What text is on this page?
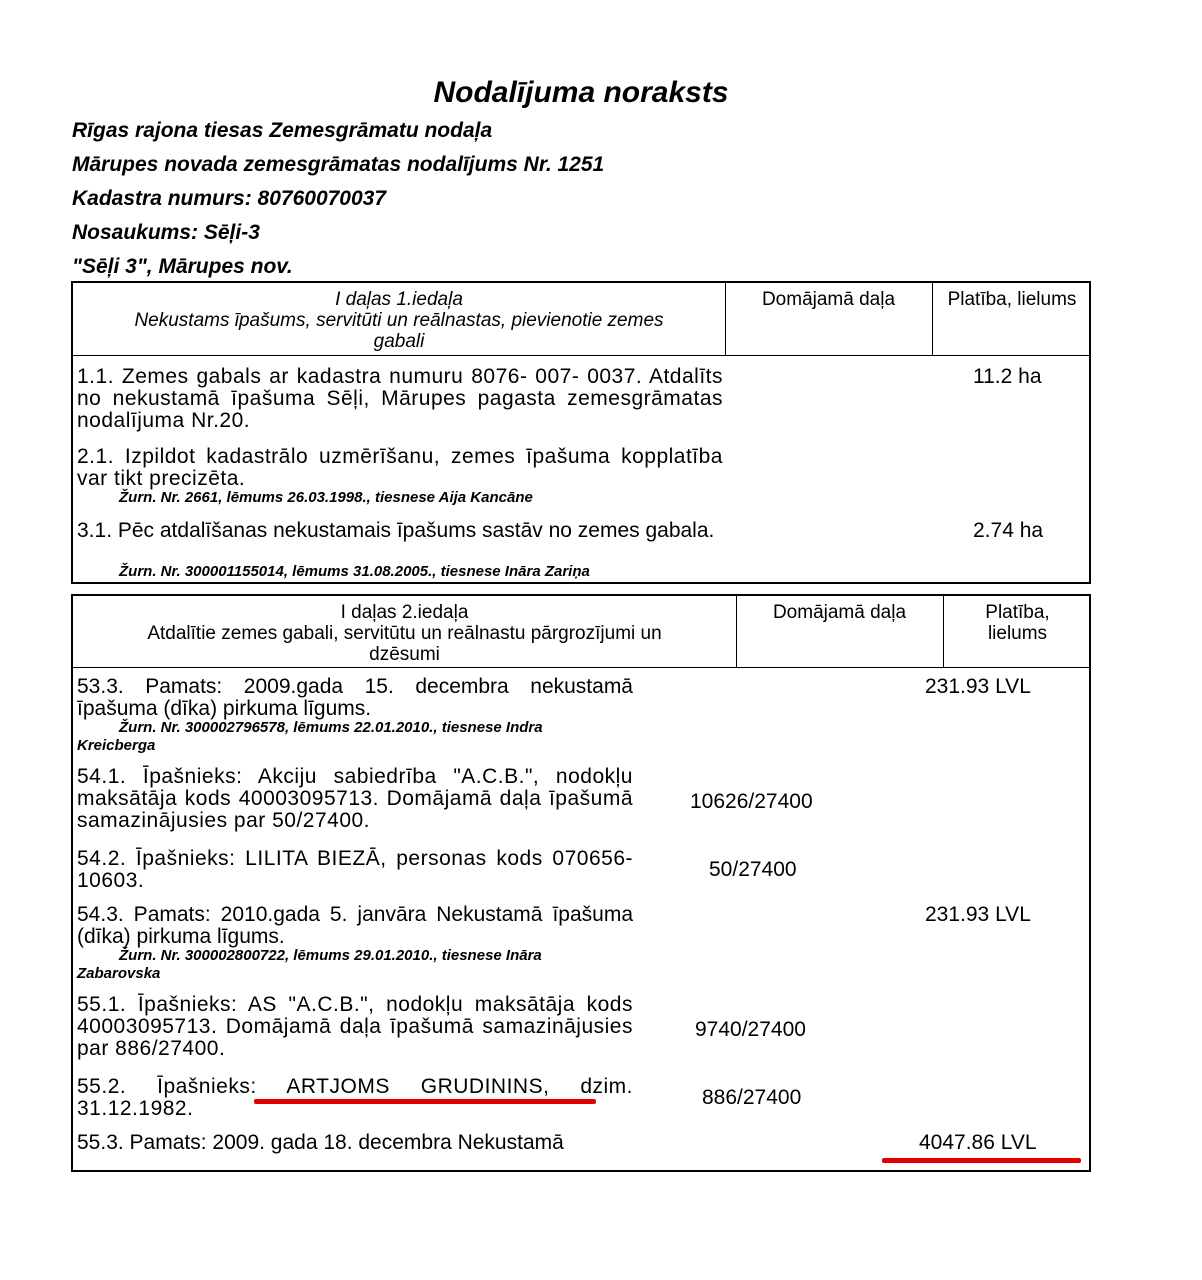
Nodalījuma noraksts
Rīgas rajona tiesas Zemesgrāmatu nodaļa
Mārupes novada zemesgrāmatas nodalījums Nr. 1251
Kadastra numurs: 80760070037
Nosaukums: Sēļi-3
"Sēļi 3", Mārupes nov.
I daļas 1.iedaļa
Nekustams īpašums, servitūti un reālnastas, pievienotie zemes
gabali
Domājamā daļa	Platība, lielums
1.1. Zemes gabals ar kadastra numuru 8076- 007- 0037. Atdalīts no nekustamā īpašuma Sēļi, Mārupes pagasta zemesgrāmatas nodalījuma Nr.20.
11.2 ha
2.1. Izpildot kadastrālo uzmērīšanu, zemes īpašuma kopplatība var tikt precizēta.
Žurn. Nr. 2661, lēmums 26.03.1998., tiesnese Aija Kancāne
3.1. Pēc atdalīšanas nekustamais īpašums sastāv no zemes gabala.
Žurn. Nr. 300001155014, lēmums 31.08.2005., tiesnese Ināra Zariņa
2.74 ha
I daļas 2.iedaļa
Atdalītie zemes gabali, servitūtu un reālnastu pārgrozījumi un
dzēsumi
Domājamā daļa	Platība,
lielums
53.3. Pamats: 2009.gada 15. decembra nekustamā īpašuma (dīka) pirkuma līgums.
Žurn. Nr. 300002796578, lēmums 22.01.2010., tiesnese Indra
Kreicberga
231.93 LVL
54.1. Īpašnieks: Akciju sabiedrība "A.C.B.", nodokļu maksātāja kods 40003095713. Domājamā daļa īpašumā samazinājusies par 50/27400.
10626/27400
54.2. Īpašnieks: LILITA BIEZĀ, personas kods 070656-10603.	50/27400
54.3. Pamats: 2010.gada 5. janvāra Nekustamā īpašuma (dīka) pirkuma līgums.
Žurn. Nr. 300002800722, lēmums 29.01.2010., tiesnese Ināra
Zabarovska
231.93 LVL
55.1. Īpašnieks: AS "A.C.B.", nodokļu maksātāja kods 40003095713. Domājamā daļa īpašumā samazinājusies par 886/27400.
9740/27400
55.2. Īpašnieks: ARTJOMS GRUDININS, dzim. 31.12.1982.	886/27400
55.3. Pamats: 2009. gada 18. decembra Nekustamā	4047.86 LVL
